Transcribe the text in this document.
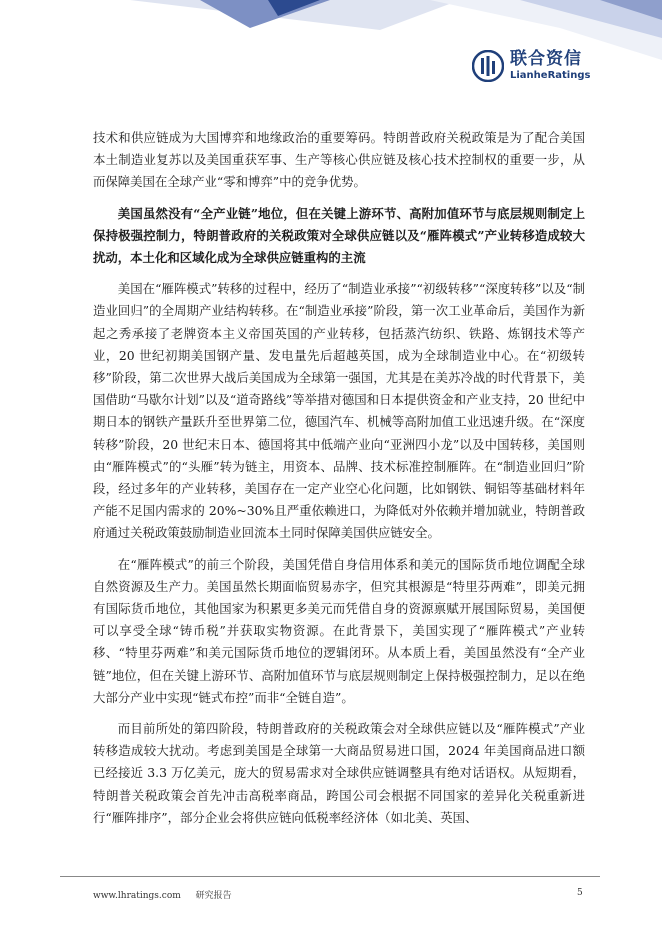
联合资信
LianheRatings

技术和供应链成为大国博弈和地缘政治的重要筹码。特朗普政府关税政策是为了配合美国本土制造业复苏以及美国重获军事、生产等核心供应链及核心技术控制权的重要一步，从而保障美国在全球产业“零和博弈”中的竞争优势。

美国虽然没有“全产业链”地位，但在关键上游环节、高附加值环节与底层规则制定上保持极强控制力，特朗普政府的关税政策对全球供应链以及“雁阵模式”产业转移造成较大扰动，本土化和区域化成为全球供应链重构的主流

美国在“雁阵模式”转移的过程中，经历了“制造业承接”“初级转移”“深度转移”以及“制造业回归”的全周期产业结构转移。在“制造业承接”阶段，第一次工业革命后，美国作为新起之秀承接了老牌资本主义帝国英国的产业转移，包括蒸汽纺织、铁路、炼钢技术等产业，20 世纪初期美国钢产量、发电量先后超越英国，成为全球制造业中心。在“初级转移”阶段，第二次世界大战后美国成为全球第一强国，尤其是在美苏冷战的时代背景下，美国借助“马歇尔计划”以及“道奇路线”等举措对德国和日本提供资金和产业支持，20 世纪中期日本的钢铁产量跃升至世界第二位，德国汽车、机械等高附加值工业迅速升级。在“深度转移”阶段，20 世纪末日本、德国将其中低端产业向“亚洲四小龙”以及中国转移，美国则由“雁阵模式”的“头雁”转为链主，用资本、品牌、技术标准控制雁阵。在“制造业回归”阶段，经过多年的产业转移，美国存在一定产业空心化问题，比如钢铁、铜铝等基础材料年产能不足国内需求的 20%~30%且严重依赖进口，为降低对外依赖并增加就业，特朗普政府通过关税政策鼓励制造业回流本土同时保障美国供应链安全。

在“雁阵模式”的前三个阶段，美国凭借自身信用体系和美元的国际货币地位调配全球自然资源及生产力。美国虽然长期面临贸易赤字，但究其根源是“特里芬两难”，即美元拥有国际货币地位，其他国家为积累更多美元而凭借自身的资源禀赋开展国际贸易，美国便可以享受全球“铸币税”并获取实物资源。在此背景下，美国实现了“雁阵模式”产业转移、“特里芬两难”和美元国际货币地位的逻辑闭环。从本质上看，美国虽然没有“全产业链”地位，但在关键上游环节、高附加值环节与底层规则制定上保持极强控制力，足以在绝大部分产业中实现“链式布控”而非“全链自造”。

而目前所处的第四阶段，特朗普政府的关税政策会对全球供应链以及“雁阵模式”产业转移造成较大扰动。考虑到美国是全球第一大商品贸易进口国，2024 年美国商品进口额已经接近 3.3 万亿美元，庞大的贸易需求对全球供应链调整具有绝对话语权。从短期看，特朗普关税政策会首先冲击高税率商品，跨国公司会根据不同国家的差异化关税重新进行“雁阵排序”，部分企业会将供应链向低税率经济体（如北美、英国、

www.lhratings.com 研究报告	5
